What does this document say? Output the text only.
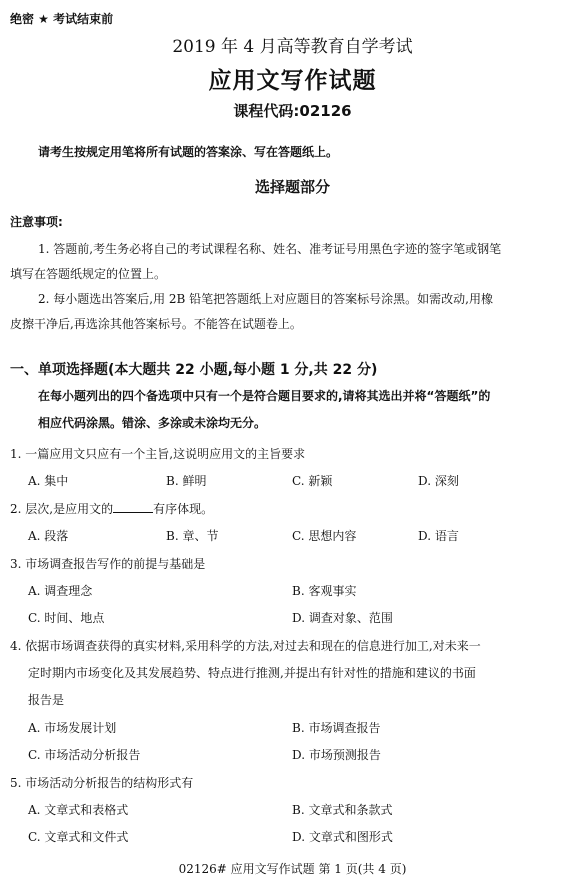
绝密 ★ 考试结束前
2019 年 4 月高等教育自学考试
应用文写作试题
课程代码:02126
请考生按规定用笔将所有试题的答案涂、写在答题纸上。
选择题部分
注意事项:
1. 答题前,考生务必将自己的考试课程名称、姓名、准考证号用黑色字迹的签字笔或钢笔
填写在答题纸规定的位置上。
2. 每小题选出答案后,用 2B 铅笔把答题纸上对应题目的答案标号涂黑。如需改动,用橡
皮擦干净后,再选涂其他答案标号。不能答在试题卷上。
一、单项选择题(本大题共 22 小题,每小题 1 分,共 22 分)
在每小题列出的四个备选项中只有一个是符合题目要求的,请将其选出并将“答题纸”的
相应代码涂黑。错涂、多涂或未涂均无分。
1. 一篇应用文只应有一个主旨,这说明应用文的主旨要求
A. 集中	B. 鲜明	C. 新颖	D. 深刻
2. 层次,是应用文的	有序体现。
A. 段落	B. 章、节	C. 思想内容	D. 语言
3. 市场调查报告写作的前提与基础是
A. 调查理念	B. 客观事实
C. 时间、地点	D. 调查对象、范围
4. 依据市场调查获得的真实材料,采用科学的方法,对过去和现在的信息进行加工,对未来一
定时期内市场变化及其发展趋势、特点进行推测,并提出有针对性的措施和建议的书面
报告是
A. 市场发展计划	B. 市场调查报告
C. 市场活动分析报告	D. 市场预测报告
5. 市场活动分析报告的结构形式有
A. 文章式和表格式	B. 文章式和条款式
C. 文章式和文件式	D. 文章式和图形式
02126# 应用文写作试题 第 1 页(共 4 页)
